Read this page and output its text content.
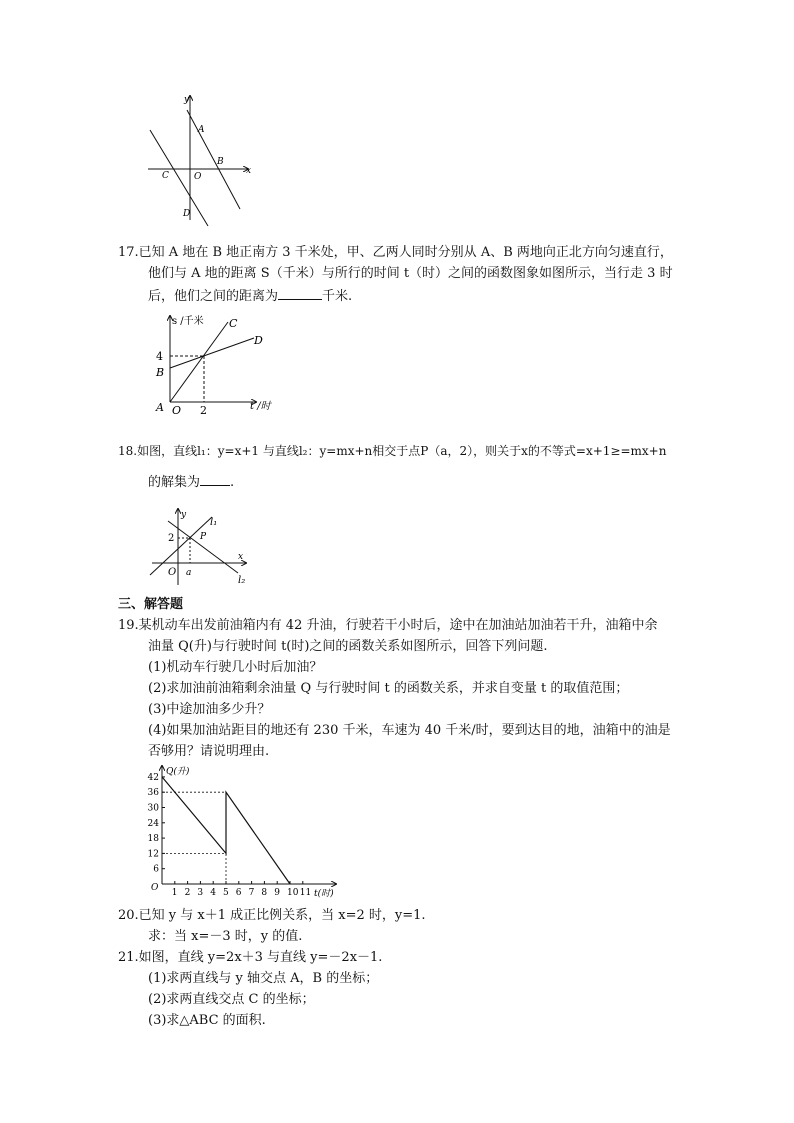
y
x
A
B
C	O
D
17.已知 A 地在 B 地正南方 3 千米处，甲、乙两人同时分别从 A、B 两地向正北方向匀速直行，
他们与 A 地的距离 S（千米）与所行的时间 t（时）之间的函数图象如图所示，当行走 3 时
后，他们之间的距离为	千米.
s /千米 C
D
4
B
A O 2	t /时
18.如图，直线l₁：y=x+1 与直线l₂：y=mx+n相交于点P（a，2），则关于x的不等式=x+1≥=mx+n
的解集为 .
y
l₁
P
2
x
O a
l₂
三、解答题
19.某机动车出发前油箱内有 42 升油，行驶若干小时后，途中在加油站加油若干升，油箱中余
油量 Q(升)与行驶时间 t(时)之间的函数关系如图所示，回答下列问题.
(1)机动车行驶几小时后加油？
(2)求加油前油箱剩余油量 Q 与行驶时间 t 的函数关系，并求自变量 t 的取值范围；
(3)中途加油多少升？
(4)如果加油站距目的地还有 230 千米，车速为 40 千米/时，要到达目的地，油箱中的油是
否够用？请说明理由.
1 2 3 4 5 6 7 8 9 10 11
6
12
18
24
30
36
42
Q(升)
t(时)
O
20.已知 y 与 x＋1 成正比例关系，当 x=2 时，y=1.
求：当 x=－3 时，y 的值.
21.如图，直线 y=2x＋3 与直线 y=－2x－1.
(1)求两直线与 y 轴交点 A，B 的坐标；
(2)求两直线交点 C 的坐标；
(3)求△ABC 的面积.
